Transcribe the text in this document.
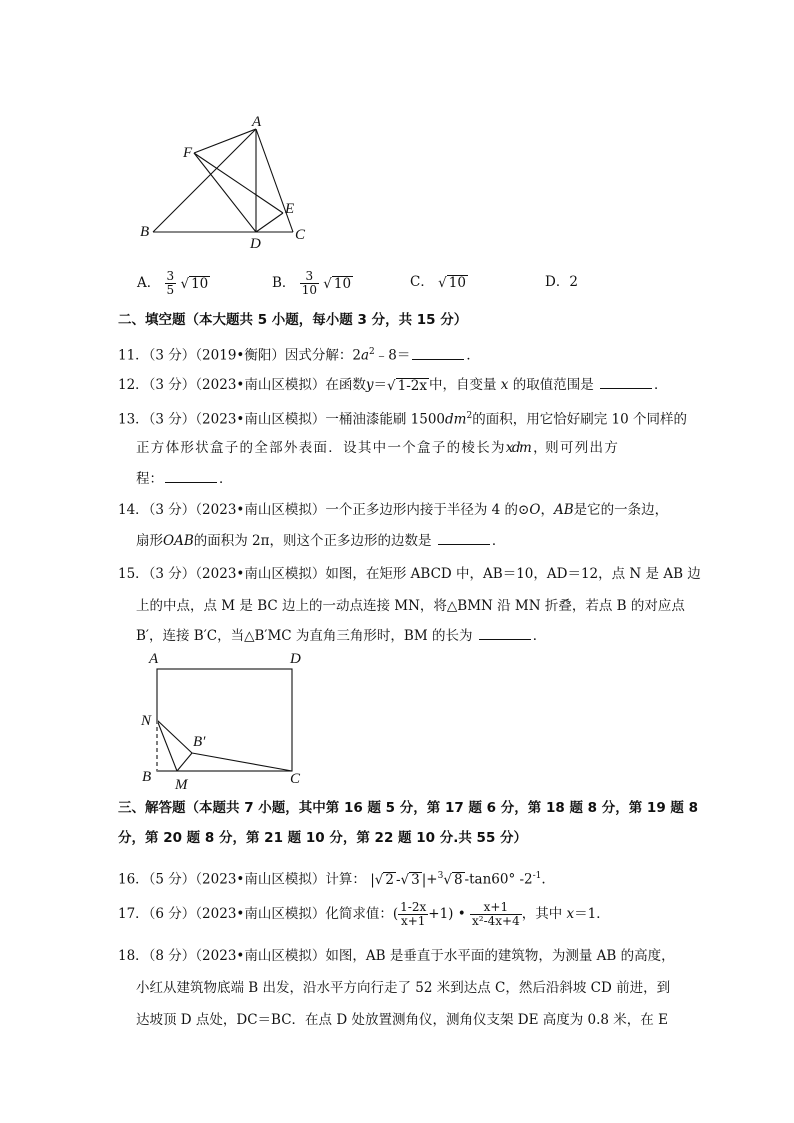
A
F
E
B
D
C
A． $\frac{3}{5}$ √ 10	B． $\frac{3}{10}$ √ 10	C． √ 10	D．2
二、填空题（本大题共 5 小题，每小题 3 分，共 15 分）
11．（3 分）（2019•衡阳）因式分解：$2a^2﹣8=$	．
12．（3 分）（2023•南山区模拟）在函数y＝√ 1-2x 中，自变量 x 的取值范围是	．
13．（3 分）（2023•南山区模拟）一桶油漆能刷 $1500dm^2$的面积，用它恰好刷完 10 个同样的
正 方 体 形 状 盒 子 的 全 部 外 表 面 ． 设 其 中 一 个 盒 子 的 棱 长 为 xdm ，则 可 列 出 方
程：	．
14．（3 分）（2023•南山区模拟）一个正多边形内接于半径为 4 的⊙O，AB是它的一条边，
扇形OAB的面积为 2π，则这个正多边形的边数是	．
15．（3 分）（2023•南山区模拟）如图，在矩形 ABCD 中，AB＝10，AD＝12，点 N 是 AB 边
上的中点，点 M 是 BC 边上的一动点连接 MN，将△BMN 沿 MN 折叠，若点 B 的对应点
B′，连接 B′C，当△B′MC 为直角三角形时，BM 的长为	．
A	D
N
B′
B M	C
三、解答题（本题共 7 小题，其中第 16 题 5 分，第 17 题 6 分，第 18 题 8 分，第 19 题 8
分，第 20 题 8 分，第 21 题 10 分，第 22 题 10 分.共 55 分）
16．（5 分）（2023•南山区模拟）计算： |√ 2 -√ 3 |+$^3$√ 8 -tan60° $-2^{-1}$.
17．（6 分）（2023•南山区模拟）化简求值：( $\frac{1-2x}{x+1} +1$) • $\frac{x+1}{\text{x²-4x+4}}$ ，其中 x＝1．
18．（8 分）（2023•南山区模拟）如图，AB 是垂直于水平面的建筑物，为测量 AB 的高度，
小红从建筑物底端 B 出发，沿水平方向行走了 52 米到达点 C，然后沿斜坡 CD 前进，到
达坡顶 D 点处，DC＝BC．在点 D 处放置测角仪，测角仪支架 DE 高度为 0.8 米，在 E
